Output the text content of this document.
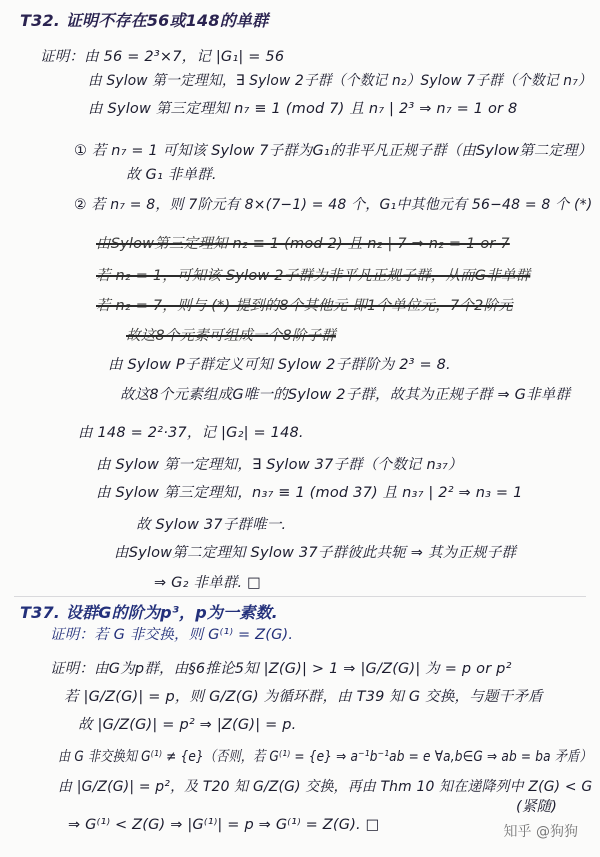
T32. 证明不存在56或148的单群
证明：由 56 = 2³×7，记 |G₁| = 56
由 Sylow 第一定理知，∃ Sylow 2子群（个数记 n₂）Sylow 7子群（个数记 n₇）
由 Sylow 第三定理知 n₇ ≡ 1 (mod 7) 且 n₇ | 2³ ⇒ n₇ = 1 or 8
① 若 n₇ = 1 可知该 Sylow 7子群为G₁的非平凡正规子群（由Sylow第二定理）
故 G₁ 非单群.
② 若 n₇ = 8，则 7阶元有 8×(7−1) = 48 个，G₁中其他元有 56−48 = 8 个 (*)
由Sylow第三定理知 n₂ ≡ 1 (mod 2) 且 n₂ | 7 ⇒ n₂ = 1 or 7
若 n₂ = 1，可知该 Sylow 2子群为非平凡正规子群，从而G非单群
若 n₂ = 7，则与 (*) 提到的8个其他元 即1个单位元，7个2阶元
故这8个元素可组成一个8阶子群
由 Sylow P子群定义可知 Sylow 2子群阶为 2³ = 8.
故这8个元素组成G唯一的Sylow 2子群，故其为正规子群 ⇒ G非单群
由 148 = 2²·37，记 |G₂| = 148.
由 Sylow 第一定理知，∃ Sylow 37子群（个数记 n₃₇）
由 Sylow 第三定理知，n₃₇ ≡ 1 (mod 37) 且 n₃₇ | 2² ⇒ n₃ = 1
故 Sylow 37子群唯一.
由Sylow第二定理知 Sylow 37子群彼此共轭 ⇒ 其为正规子群
⇒ G₂ 非单群. □
T37. 设群G的阶为p³，p为一素数.
证明：若 G 非交换，则 G⁽¹⁾ = Z(G).
证明：由G为p群，由§6推论5知 |Z(G)| > 1 ⇒ |G/Z(G)| 为 = p or p²
若 |G/Z(G)| = p，则 G/Z(G) 为循环群，由 T39 知 G 交换，与题干矛盾
故 |G/Z(G)| = p² ⇒ |Z(G)| = p.
由 G 非交换知 G⁽¹⁾ ≠ {e}（否则，若 G⁽¹⁾ = {e} ⇒ a⁻¹b⁻¹ab = e ∀a,b∈G ⇒ ab = ba 矛盾）
由 |G/Z(G)| = p²，及 T20 知 G/Z(G) 交换，再由 Thm 10 知在递降列中 Z(G) < G
(紧随)
⇒ G⁽¹⁾ < Z(G) ⇒ |G⁽¹⁾| = p ⇒ G⁽¹⁾ = Z(G). □	知乎 @狗狗
